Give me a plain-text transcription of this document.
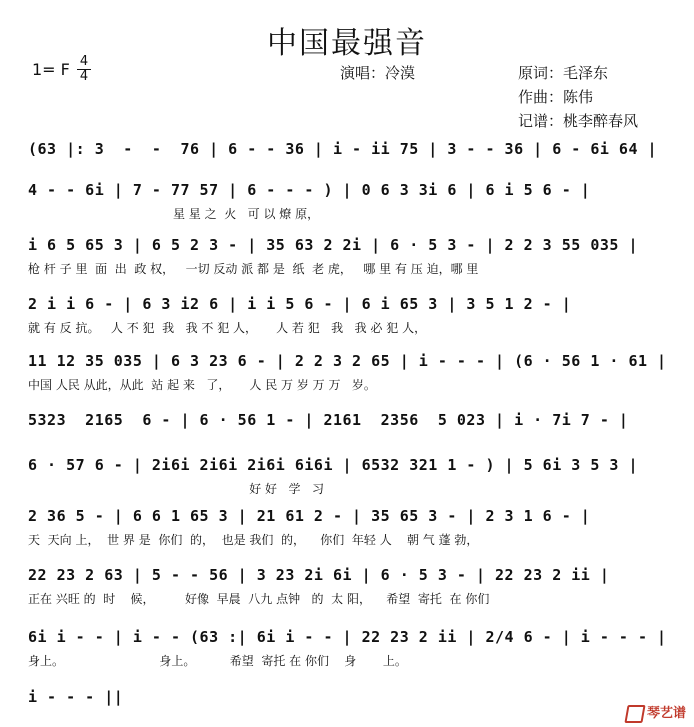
中国最强音
1= F 4
4	演唱：冷漠	原词：毛泽东
作曲：陈伟
记谱：桃李醉春风
(63 |: 3  -  -  76 | 6 - - 36 | i - ii 75 | 3 - - 36 | 6 - 6i 64 |
4 - - 6i | 7 - 77 57 | 6 - - - ) | 0 6 3 3i 6 | 6 i 5 6 - |
星 星 之  火   可 以 燎 原，
i 6 5 65 3 | 6 5 2 3 - | 35 63 2 2i | 6 · 5 3 - | 2 2 3 55 035 |
枪 杆 子 里  面  出  政 权，   一切 反动 派 都 是  纸  老 虎，   哪 里 有 压 迫，哪 里
2 i i 6 - | 6 3 i2 6 | i i 5 6 - | 6 i 65 3 | 3 5 1 2 - |
就 有 反 抗。   人 不 犯  我   我 不 犯 人，     人 若 犯   我   我 必 犯 人，
11 12 35 035 | 6 3 23 6 - | 2 2 3 2 65 | i - - - | (6 · 56 1 · 61 |
中国 人民 从此，从此  站 起 来   了，     人 民 万 岁 万 万   岁。
5323  2165  6 - | 6 · 56 1 - | 2161  2356  5 023 | i · 7i 7 - |
6 · 57 6 - | 2i6i 2i6i 2i6i 6i6i | 6532 321 1 - ) | 5 6i 3 5 3 |
好 好   学   习
2 36 5 - | 6 6 1 65 3 | 21 61 2 - | 35 65 3 - | 2 3 1 6 - |
天  天向 上，  世 界 是  你们  的，  也是 我们  的，    你们  年轻 人    朝 气 蓬 勃，
22 23 2 63 | 5 - - 56 | 3 23 2i 6i | 6 · 5 3 - | 22 23 2 ii |
正在 兴旺 的  时    候，        好像  早晨  八九 点钟   的  太 阳，    希望  寄托  在 你们
6i i - - | i - - (63 :| 6i i - - | 22 23 2 ii | 2/4 6 - | i - - - |
身上。                         身上。         希望  寄托 在 你们    身       上。
i - - - ||
琴艺谱
